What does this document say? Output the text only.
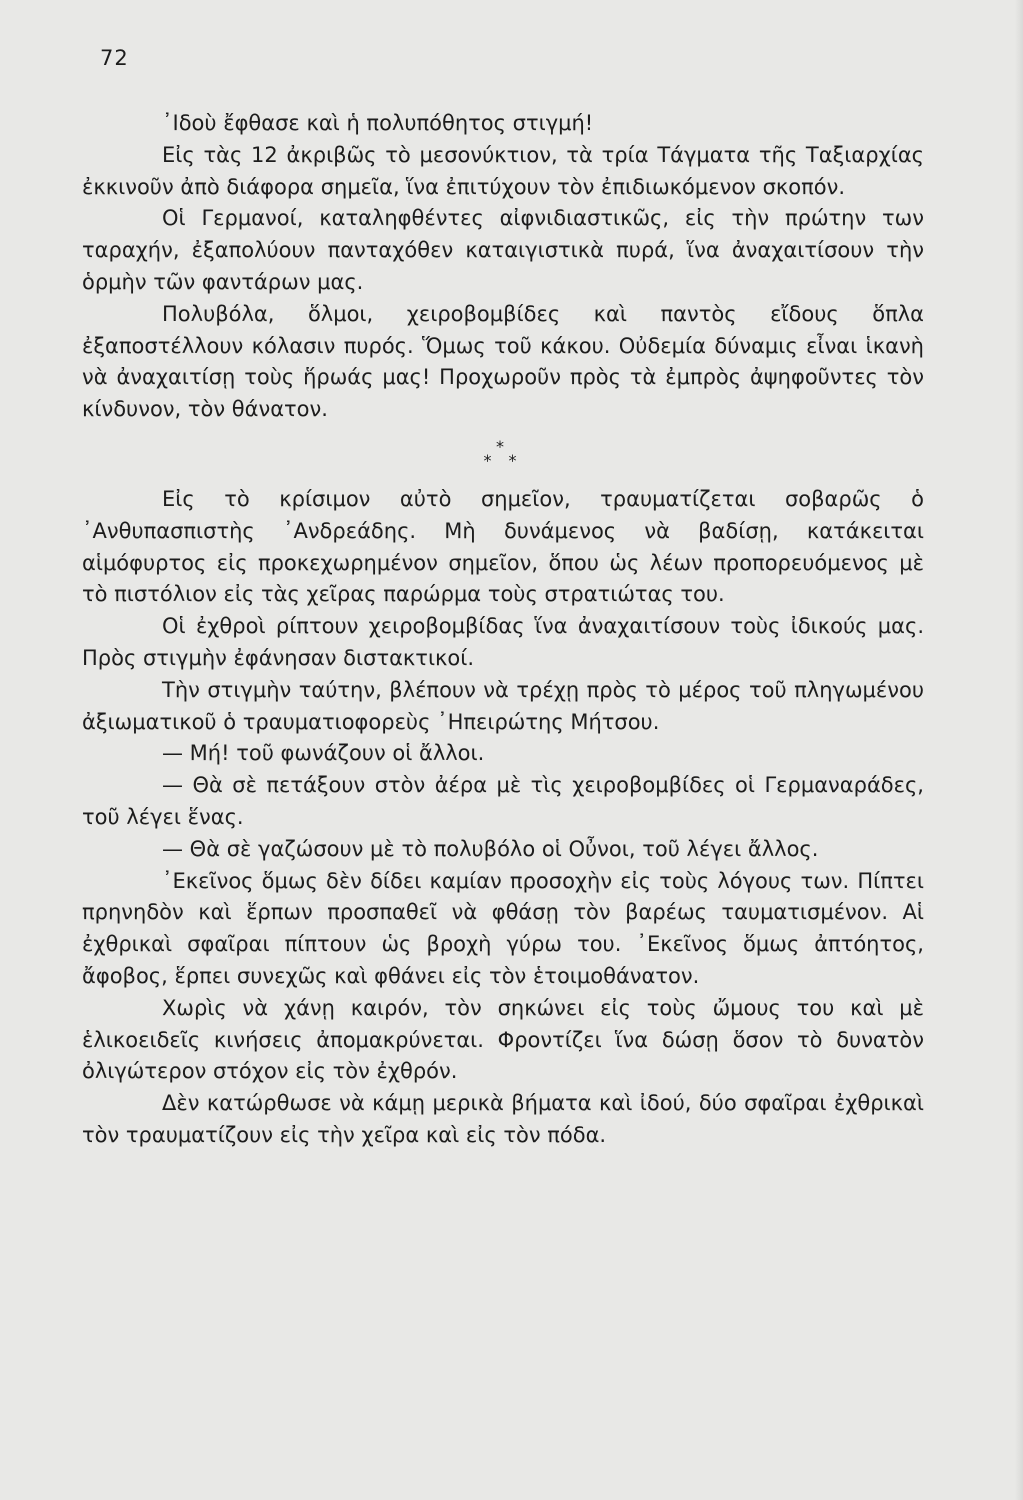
72

᾿Ιδοὺ ἔφθασε καὶ ἡ πολυπόθητος στιγμή!

Εἰς τὰς 12 ἀκριβῶς τὸ μεσονύκτιον, τὰ τρία Τάγματα τῆς Ταξιαρχίας ἐκκινοῦν ἀπὸ διάφορα σημεῖα, ἵνα ἐπιτύχουν τὸν ἐπιδιωκόμενον σκοπόν.

Οἱ Γερμανοί, καταληφθέντες αἰφνιδιαστικῶς, εἰς τὴν πρώτην των ταραχήν, ἐξαπολύουν πανταχόθεν καταιγιστικὰ πυρά, ἵνα ἀναχαιτίσουν τὴν ὁρμὴν τῶν φαντάρων μας.

Πολυβόλα, ὅλμοι, χειροβομβίδες καὶ παντὸς εἴδους ὅπλα ἐξαποστέλλουν κόλασιν πυρός. Ὅμως τοῦ κάκου. Οὐδεμία δύναμις εἶναι ἱκανὴ νὰ ἀναχαιτίσῃ τοὺς ἥρωάς μας! Προχωροῦν πρὸς τὰ ἐμπρὸς ἀψηφοῦντες τὸν κίνδυνον, τὸν θάνατον.

*
* *

Εἰς τὸ κρίσιμον αὐτὸ σημεῖον, τραυματίζεται σοβαρῶς ὁ ᾿Ανθυπασπιστὴς ᾿Ανδρεάδης. Μὴ δυνάμενος νὰ βαδίσῃ, κατάκειται αἱμόφυρτος εἰς προκεχωρημένον σημεῖον, ὅπου ὡς λέων προπορευόμενος μὲ τὸ πιστόλιον εἰς τὰς χεῖρας παρώρμα τοὺς στρατιώτας του.

Οἱ ἐχθροὶ ρίπτουν χειροβομβίδας ἵνα ἀναχαιτίσουν τοὺς ἰδικούς μας. Πρὸς στιγμὴν ἐφάνησαν διστακτικοί.

Τὴν στιγμὴν ταύτην, βλέπουν νὰ τρέχῃ πρὸς τὸ μέρος τοῦ πληγωμένου ἀξιωματικοῦ ὁ τραυματιοφορεὺς ᾿Ηπειρώτης Μήτσου.

— Μή! τοῦ φωνάζουν οἱ ἄλλοι.

— Θὰ σὲ πετάξουν στὸν ἀέρα μὲ τὶς χειροβομβίδες οἱ Γερμαναράδες, τοῦ λέγει ἕνας.

— Θὰ σὲ γαζώσουν μὲ τὸ πολυβόλο οἱ Οὖνοι, τοῦ λέγει ἄλλος.

᾿Εκεῖνος ὅμως δὲν δίδει καμίαν προσοχὴν εἰς τοὺς λόγους των. Πίπτει πρηνηδὸν καὶ ἕρπων προσπαθεῖ νὰ φθάσῃ τὸν βαρέως ταυματισμένον. Αἱ ἐχθρικαὶ σφαῖραι πίπτουν ὡς βροχὴ γύρω του. ᾿Εκεῖνος ὅμως ἀπτόητος, ἄφοβος, ἕρπει συνεχῶς καὶ φθάνει εἰς τὸν ἑτοιμοθάνατον.

Χωρὶς νὰ χάνῃ καιρόν, τὸν σηκώνει εἰς τοὺς ὤμους του καὶ μὲ ἑλικοειδεῖς κινήσεις ἀπομακρύνεται. Φροντίζει ἵνα δώσῃ ὅσον τὸ δυνατὸν ὀλιγώτερον στόχον εἰς τὸν ἐχθρόν.

Δὲν κατώρθωσε νὰ κάμῃ μερικὰ βήματα καὶ ἰδού, δύο σφαῖραι ἐχθρικαὶ τὸν τραυματίζουν εἰς τὴν χεῖρα καὶ εἰς τὸν πόδα.
